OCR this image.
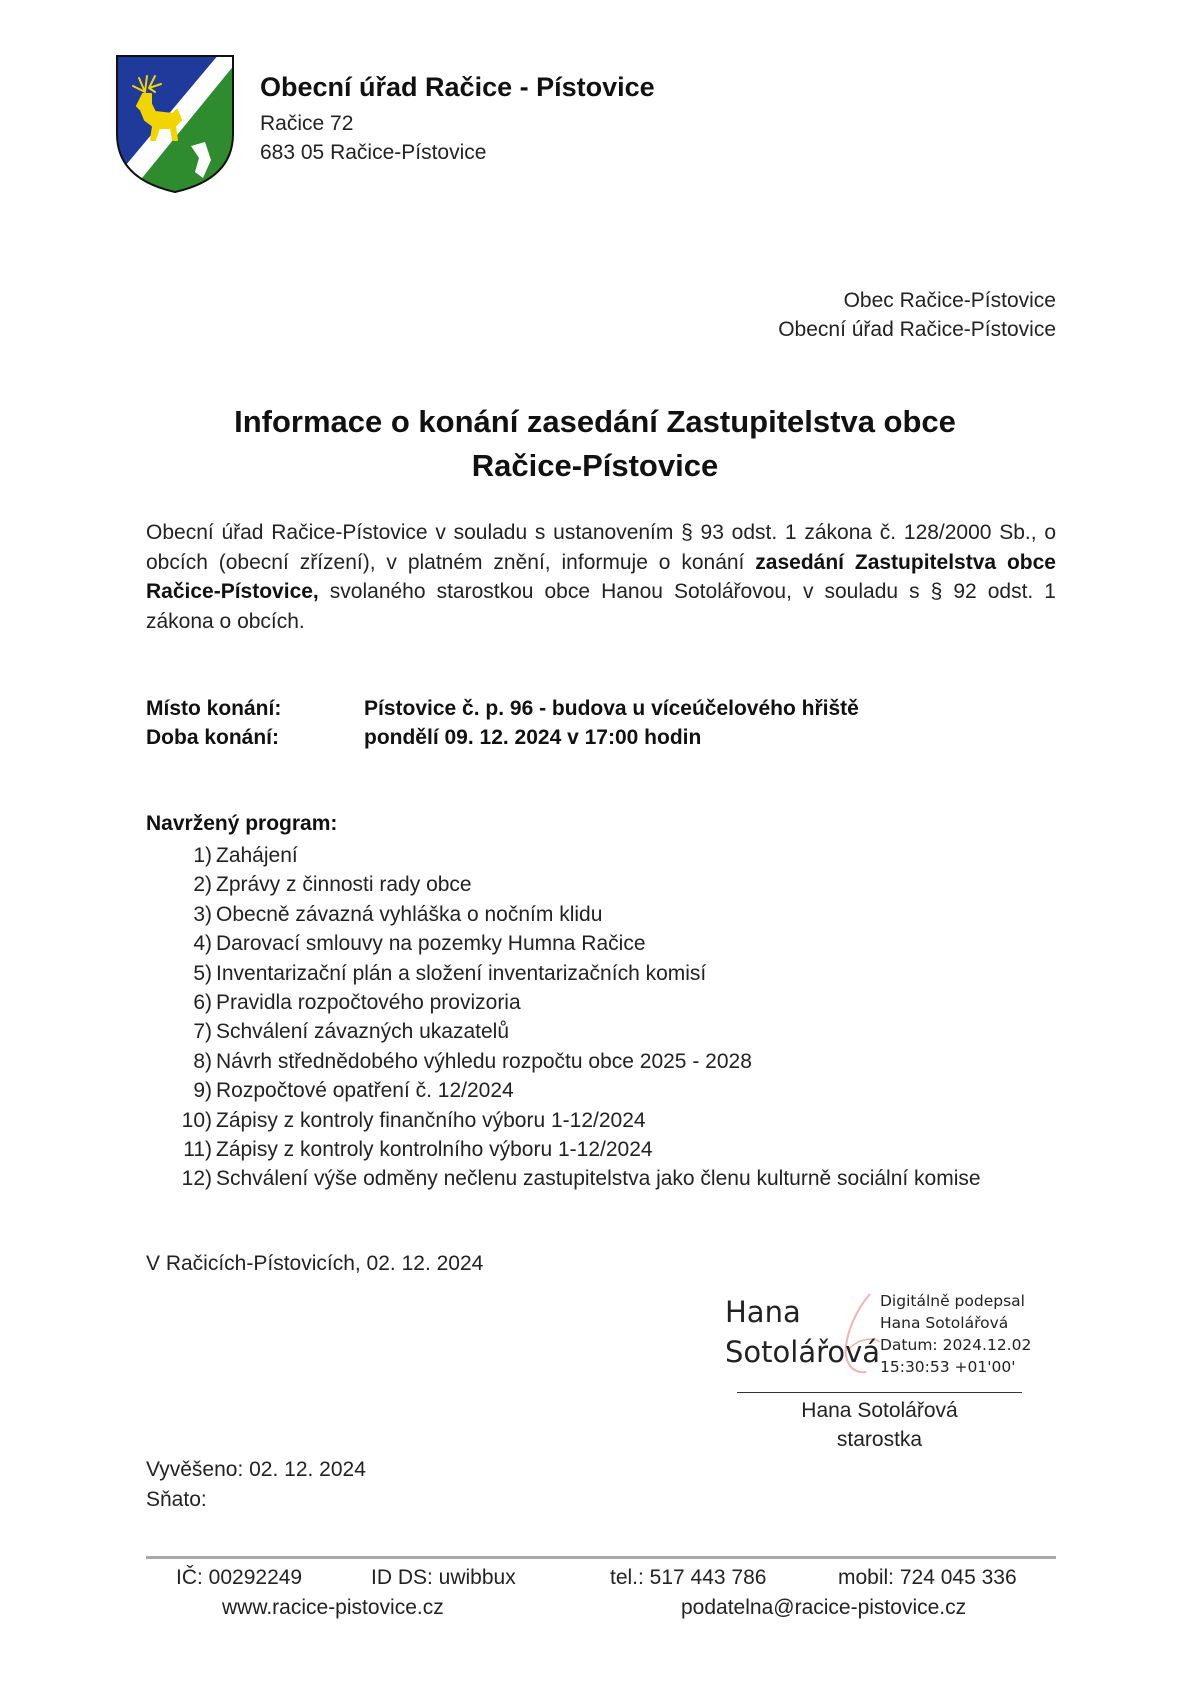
Obecní úřad Račice - Pístovice
Račice 72
683 05 Račice-Pístovice
Obec Račice-Pístovice
Obecní úřad Račice-Pístovice
Informace o konání zasedání Zastupitelstva obce
Račice-Pístovice
Obecní úřad Račice-Pístovice v souladu s ustanovením § 93 odst. 1 zákona č. 128/2000 Sb., o obcích (obecní zřízení), v platném znění, informuje o konání zasedání Zastupitelstva obce Račice-Pístovice, svolaného starostkou obce Hanou Sotolářovou, v souladu s § 92 odst. 1 zákona o obcích.
Místo konání:	Pístovice č. p. 96 - budova u víceúčelového hřiště
Doba konání:	pondělí 09. 12. 2024 v 17:00 hodin
Navržený program:
1) Zahájení
2) Zprávy z činnosti rady obce
3) Obecně závazná vyhláška o nočním klidu
4) Darovací smlouvy na pozemky Humna Račice
5) Inventarizační plán a složení inventarizačních komisí
6) Pravidla rozpočtového provizoria
7) Schválení závazných ukazatelů
8) Návrh střednědobého výhledu rozpočtu obce 2025 - 2028
9) Rozpočtové opatření č. 12/2024
10) Zápisy z kontroly finančního výboru 1-12/2024
11) Zápisy z kontroly kontrolního výboru 1-12/2024
12) Schválení výše odměny nečlenu zastupitelstva jako členu kulturně sociální komise
V Račicích-Pístovicích, 02. 12. 2024
Hana
Sotolářová
Digitálně podepsal
Hana Sotolářová
Datum: 2024.12.02
15:30:53 +01'00'
Hana Sotolářová
starostka
Vyvěšeno: 02. 12. 2024
Sňato:
IČ: 00292249	ID DS: uwibbux	tel.: 517 443 786	mobil: 724 045 336
www.racice-pistovice.cz	podatelna@racice-pistovice.cz
